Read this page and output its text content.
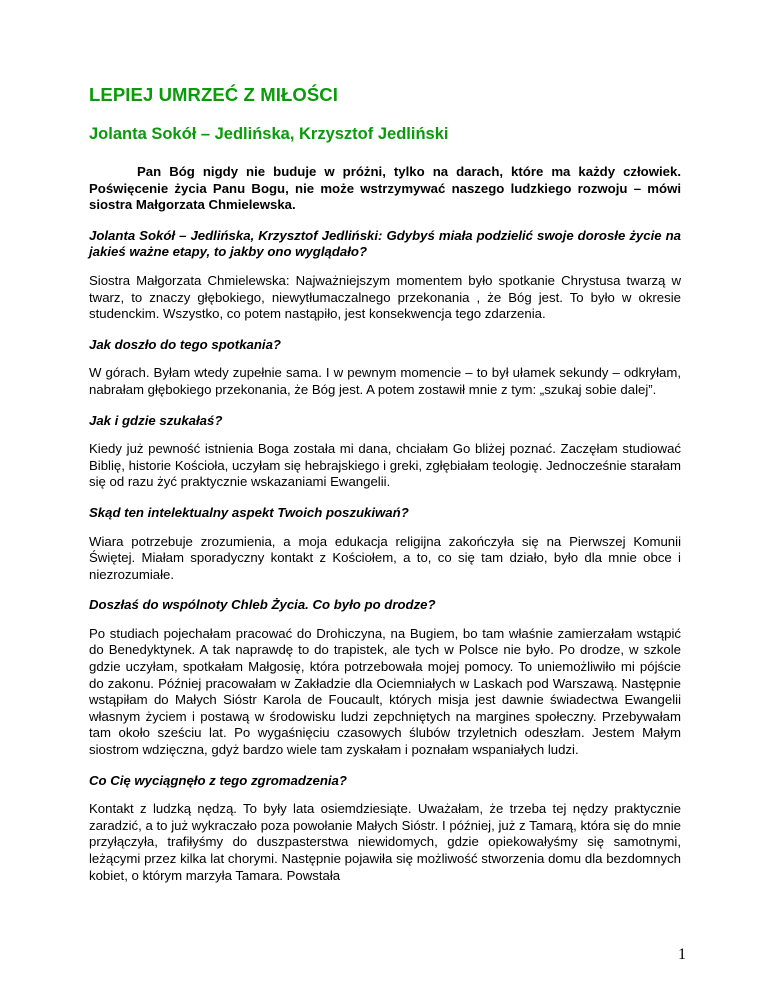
LEPIEJ UMRZEĆ Z MIŁOŚCI
Jolanta Sokół – Jedlińska, Krzysztof Jedliński

Pan Bóg nigdy nie buduje w próżni, tylko na darach, które ma każdy człowiek. Poświęcenie życia Panu Bogu, nie może wstrzymywać naszego ludzkiego rozwoju – mówi siostra Małgorzata Chmielewska.

Jolanta Sokół – Jedlińska, Krzysztof Jedliński: Gdybyś miała podzielić swoje dorosłe życie na jakieś ważne etapy, to jakby ono wyglądało?

Siostra Małgorzata Chmielewska: Najważniejszym momentem było spotkanie Chrystusa twarzą w twarz, to znaczy głębokiego, niewytłumaczalnego przekonania , że Bóg jest. To było w okresie studenckim. Wszystko, co potem nastąpiło, jest konsekwencja tego zdarzenia.

Jak doszło do tego spotkania?

W górach. Byłam wtedy zupełnie sama. I w pewnym momencie – to był ułamek sekundy – odkryłam, nabrałam głębokiego przekonania, że Bóg jest. A potem zostawił mnie z tym: „szukaj sobie dalej”.

Jak i gdzie szukałaś?

Kiedy już pewność istnienia Boga została mi dana, chciałam Go bliżej poznać. Zaczęłam studiować Biblię, historie Kościoła, uczyłam się hebrajskiego i greki, zgłębiałam teologię. Jednocześnie starałam się od razu żyć praktycznie wskazaniami Ewangelii.

Skąd ten intelektualny aspekt Twoich poszukiwań?

Wiara potrzebuje zrozumienia, a moja edukacja religijna zakończyła się na Pierwszej Komunii Świętej. Miałam sporadyczny kontakt z Kościołem, a to, co się tam działo, było dla mnie obce i niezrozumiałe.

Doszłaś do wspólnoty Chleb Życia. Co było po drodze?

Po studiach pojechałam pracować do Drohiczyna, na Bugiem, bo tam właśnie zamierzałam wstąpić do Benedyktynek. A tak naprawdę to do trapistek, ale tych w Polsce nie było. Po drodze, w szkole gdzie uczyłam, spotkałam Małgosię, która potrzebowała mojej pomocy. To uniemożliwiło mi pójście do zakonu. Później pracowałam w Zakładzie dla Ociemniałych w Laskach pod Warszawą. Następnie wstąpiłam do Małych Sióstr Karola de Foucault, których misja jest dawnie świadectwa Ewangelii własnym życiem i postawą w środowisku ludzi zepchniętych na margines społeczny. Przebywałam tam około sześciu lat. Po wygaśnięciu czasowych ślubów trzyletnich odeszłam. Jestem Małym siostrom wdzięczna, gdyż bardzo wiele tam zyskałam i poznałam wspaniałych ludzi.

Co Cię wyciągnęło z tego zgromadzenia?

Kontakt z ludzką nędzą. To były lata osiemdziesiąte. Uważałam, że trzeba tej nędzy praktycznie zaradzić, a to już wykraczało poza powołanie Małych Sióstr. I później, już z Tamarą, która się do mnie przyłączyła, trafiłyśmy do duszpasterstwa niewidomych, gdzie opiekowałyśmy się samotnymi, leżącymi przez kilka lat chorymi. Następnie pojawiła się możliwość stworzenia domu dla bezdomnych kobiet, o którym marzyła Tamara. Powstała

1
